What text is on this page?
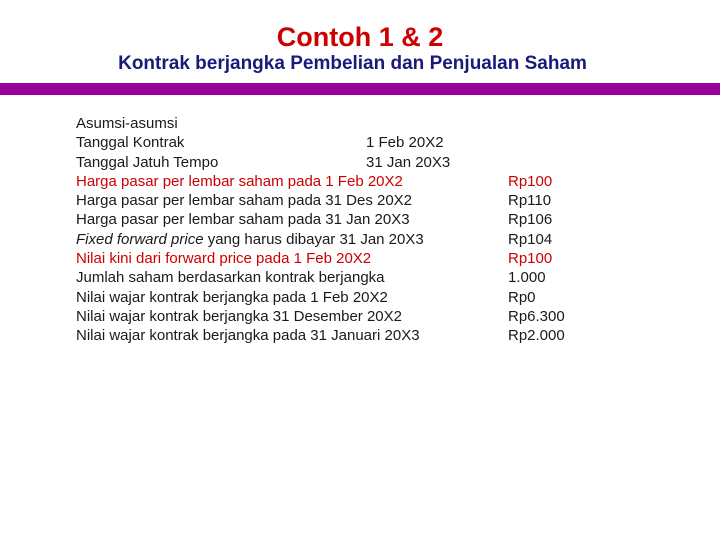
Contoh 1 & 2
Kontrak berjangka Pembelian dan Penjualan Saham
Asumsi-asumsi
Tanggal Kontrak	1 Feb 20X2
Tanggal Jatuh Tempo	31 Jan 20X3
Harga pasar per lembar saham pada 1 Feb 20X2	Rp100
Harga pasar per lembar saham pada 31 Des 20X2	Rp110
Harga pasar per lembar saham pada 31 Jan 20X3	Rp106
Fixed forward price yang harus dibayar 31 Jan 20X3	Rp104
Nilai kini dari forward price pada 1 Feb 20X2	Rp100
Jumlah saham berdasarkan kontrak berjangka	1.000
Nilai wajar kontrak berjangka pada 1 Feb 20X2	Rp0
Nilai wajar kontrak berjangka 31 Desember 20X2	Rp6.300
Nilai wajar kontrak berjangka pada 31 Januari 20X3	Rp2.000
